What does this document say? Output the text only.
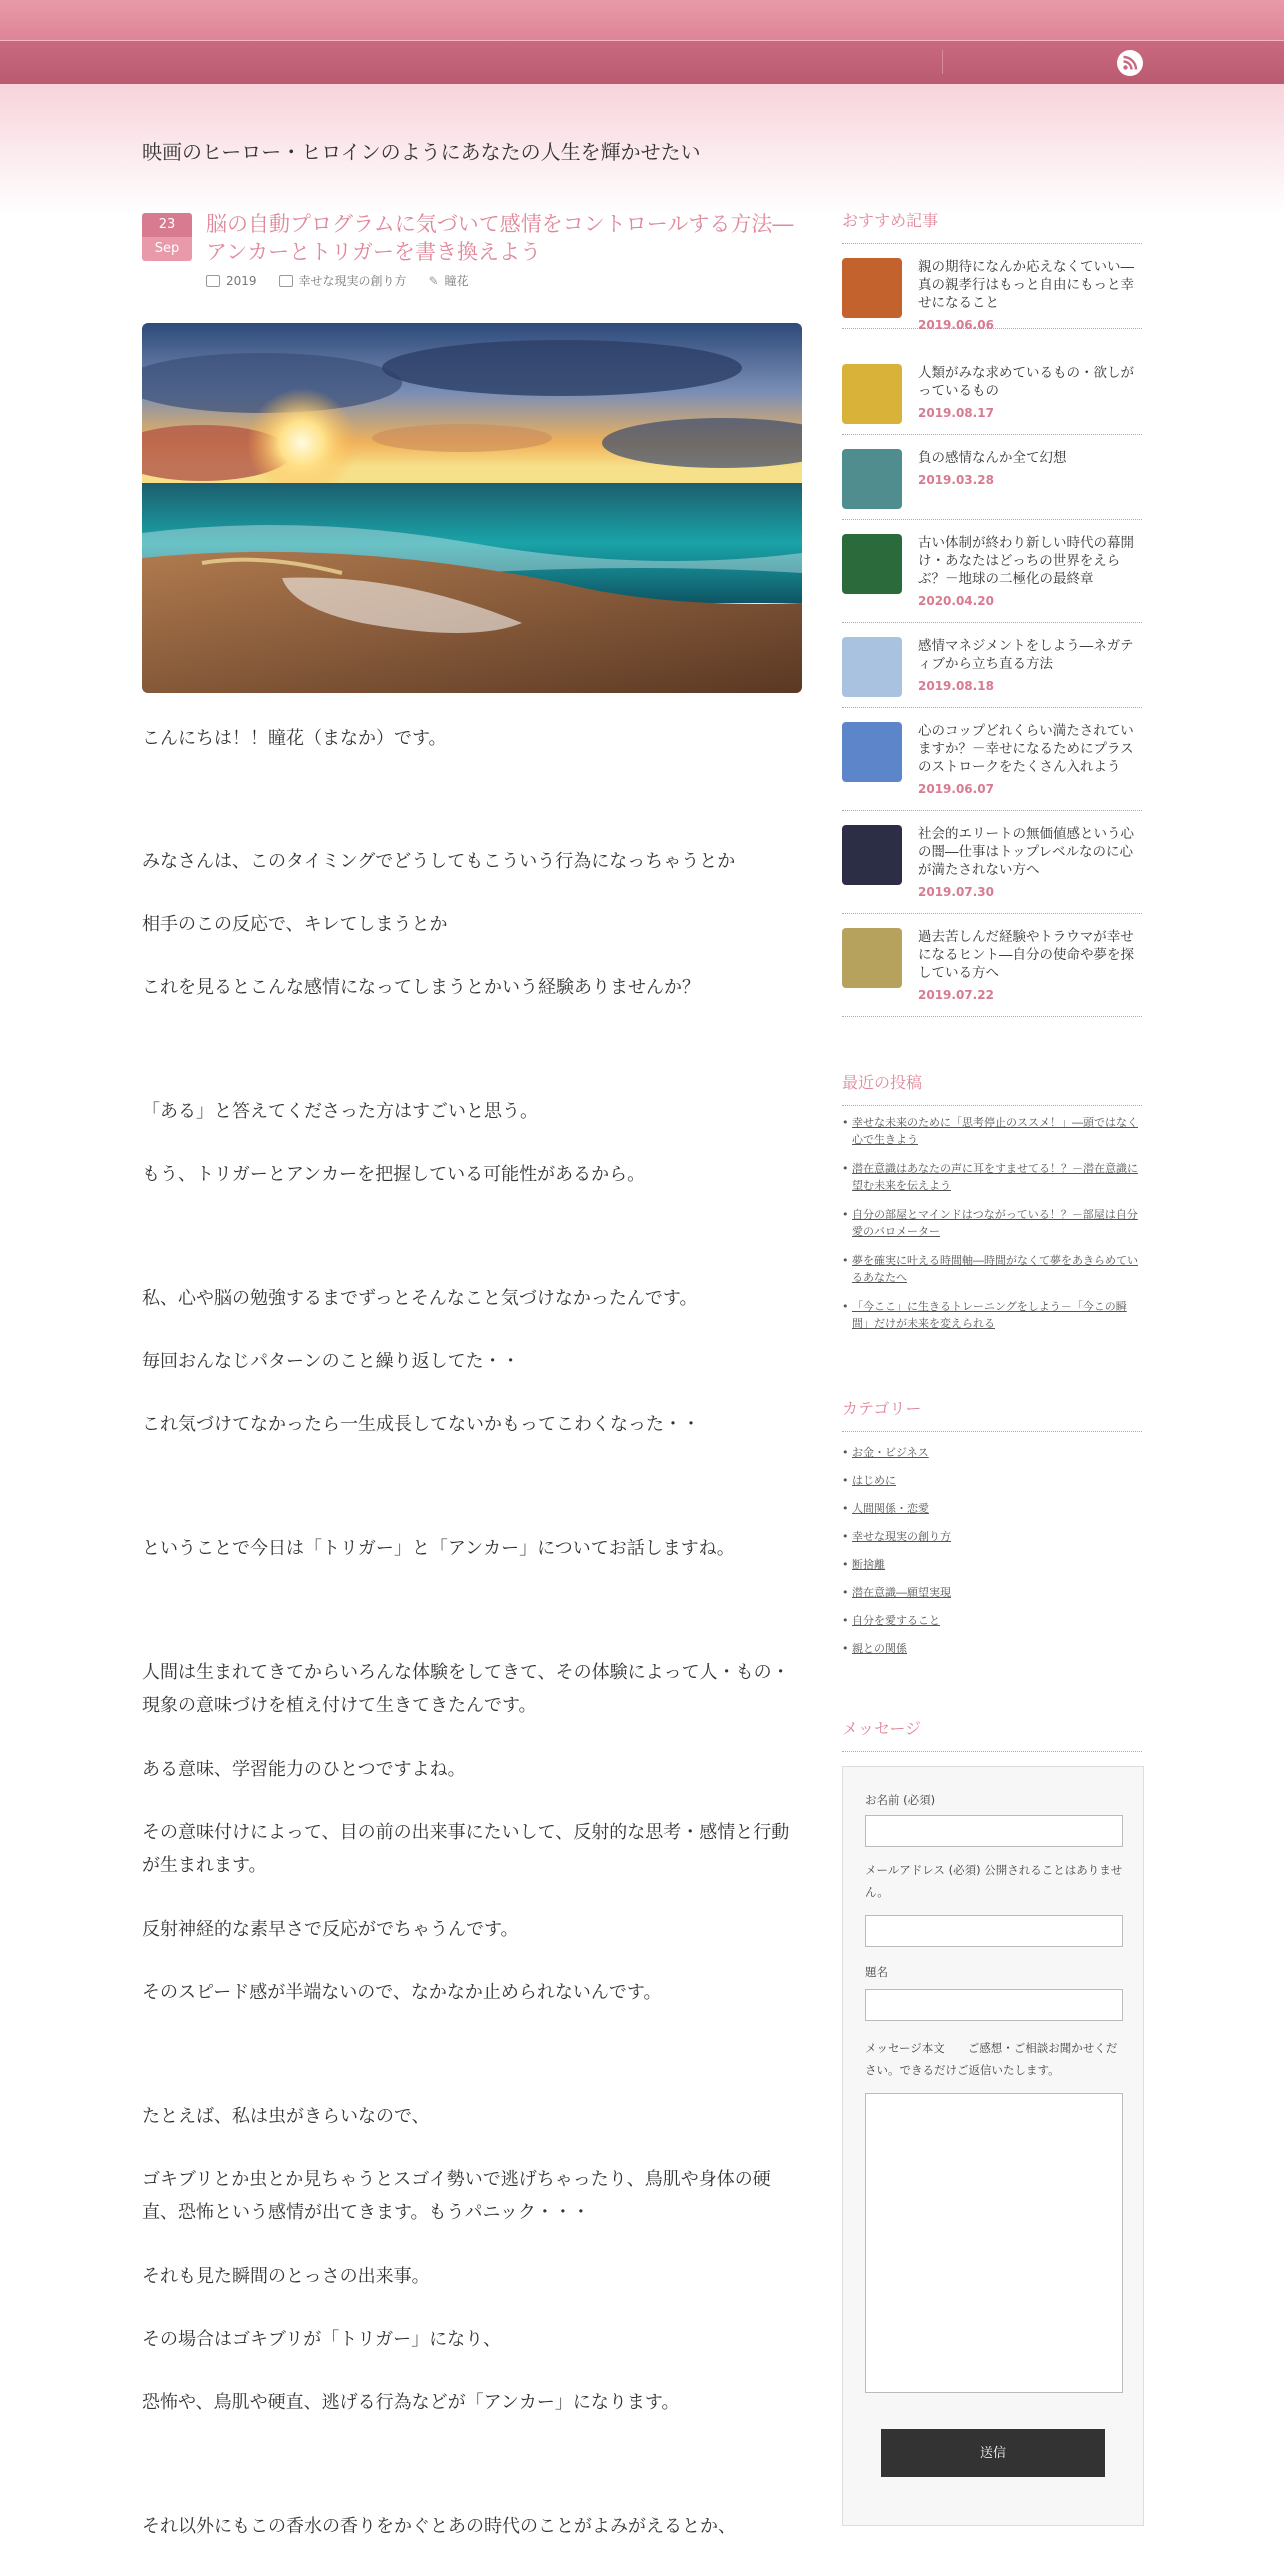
映画のヒーロー・ヒロインのようにあなたの人生を輝かせたい
23
Sep
脳の自動プログラムに気づいて感情をコントロールする方法―アンカーとトリガーを書き換えよう
2019	幸せな現実の創り方 ✎ 瞳花

こんにちは！！瞳花（まなか）です。

みなさんは、このタイミングでどうしてもこういう行為になっちゃうとか

相手のこの反応で、キレてしまうとか

これを見るとこんな感情になってしまうとかいう経験ありませんか？

「ある」と答えてくださった方はすごいと思う。

もう、トリガーとアンカーを把握している可能性があるから。

私、心や脳の勉強するまでずっとそんなこと気づけなかったんです。

毎回おんなじパターンのこと繰り返してた・・

これ気づけてなかったら一生成長してないかもってこわくなった・・

ということで今日は「トリガー」と「アンカー」についてお話しますね。

人間は生まれてきてからいろんな体験をしてきて、その体験によって人・もの・現象の意味づけを植え付けて生きてきたんです。

ある意味、学習能力のひとつですよね。

その意味付けによって、目の前の出来事にたいして、反射的な思考・感情と行動が生まれます。

反射神経的な素早さで反応がでちゃうんです。

そのスピード感が半端ないので、なかなか止められないんです。

たとえば、私は虫がきらいなので、

ゴキブリとか虫とか見ちゃうとスゴイ勢いで逃げちゃったり、鳥肌や身体の硬直、恐怖という感情が出てきます。もうパニック・・・

それも見た瞬間のとっさの出来事。

その場合はゴキブリが「トリガー」になり、

恐怖や、鳥肌や硬直、逃げる行為などが「アンカー」になります。

それ以外にもこの香水の香りをかぐとあの時代のことがよみがえるとか、

おすすめ記事
親の期待になんか応えなくていい―真の親孝行はもっと自由にもっと幸せになること
2019.06.06
人類がみな求めているもの・欲しがっているもの
2019.08.17
負の感情なんか全て幻想
2019.03.28
古い体制が終わり新しい時代の幕開け・あなたはどっちの世界をえらぶ？－地球の二極化の最終章
2020.04.20
感情マネジメントをしよう―ネガティブから立ち直る方法
2019.08.18
心のコップどれくらい満たされていますか？－幸せになるためにプラスのストロークをたくさん入れよう
2019.06.07
社会的エリートの無価値感という心の闇―仕事はトップレベルなのに心が満たされない方へ
2019.07.30
過去苦しんだ経験やトラウマが幸せになるヒント―自分の使命や夢を探している方へ
2019.07.22
最近の投稿
• 幸せな未来のために「思考停止のススメ！」―頭ではなく心で生きよう
• 潜在意識はあなたの声に耳をすませてる！？－潜在意識に望む未来を伝えよう
• 自分の部屋とマインドはつながっている！？－部屋は自分愛のバロメーター
• 夢を確実に叶える時間軸―時間がなくて夢をあきらめているあなたへ
• 「今ここ」に生きるトレーニングをしよう－「今この瞬間」だけが未来を変えられる
カテゴリー
• お金・ビジネス
• はじめに
• 人間関係・恋愛
• 幸せな現実の創り方
• 断捨離
• 潜在意識―願望実現
• 自分を愛すること
• 親との関係
メッセージ
お名前 (必須)
メールアドレス (必須) 公開されることはありません。
題名
メッセージ本文　　ご感想・ご相談お聞かせください。できるだけご返信いたします。
送信
